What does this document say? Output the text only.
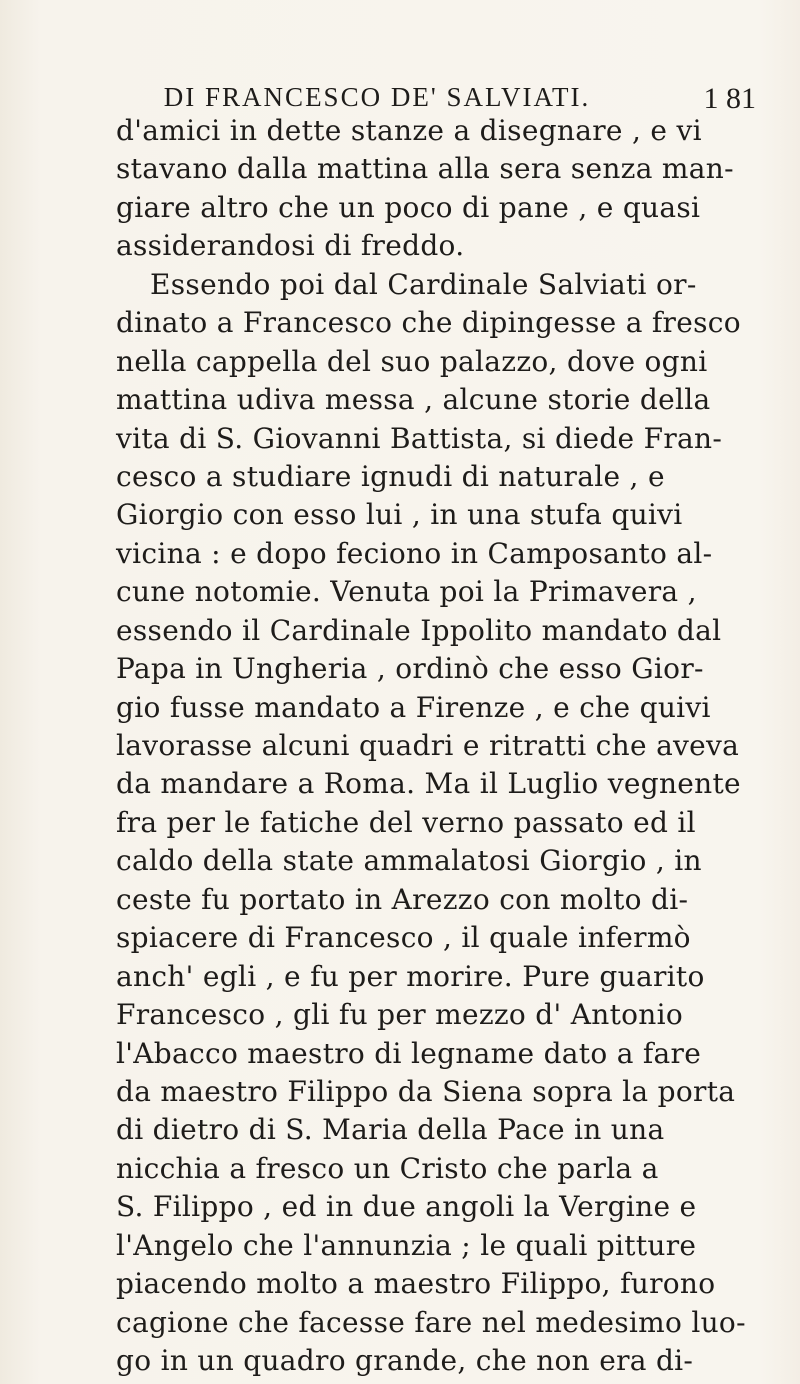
DI FRANCESCO DE' SALVIATI.	1 81
d'amici in dette stanze a disegnare , e vi
stavano dalla mattina alla sera senza man-
giare altro che un poco di pane , e quasi
assiderandosi di freddo.
Essendo poi dal Cardinale Salviati or-
dinato a Francesco che dipingesse a fresco
nella cappella del suo palazzo, dove ogni
mattina udiva messa , alcune storie della
vita di S. Giovanni Battista, si diede Fran-
cesco a studiare ignudi di naturale , e
Giorgio con esso lui , in una stufa quivi
vicina : e dopo feciono in Camposanto al-
cune notomie. Venuta poi la Primavera ,
essendo il Cardinale Ippolito mandato dal
Papa in Ungheria , ordinò che esso Gior-
gio fusse mandato a Firenze , e che quivi
lavorasse alcuni quadri e ritratti che aveva
da mandare a Roma. Ma il Luglio vegnente
fra per le fatiche del verno passato ed il
caldo della state ammalatosi Giorgio , in
ceste fu portato in Arezzo con molto di-
spiacere di Francesco , il quale infermò
anch' egli , e fu per morire. Pure guarito
Francesco , gli fu per mezzo d' Antonio
l'Abacco maestro di legname dato a fare
da maestro Filippo da Siena sopra la porta
di dietro di S. Maria della Pace in una
nicchia a fresco un Cristo che parla a
S. Filippo , ed in due angoli la Vergine e
l'Angelo che l'annunzia ; le quali pitture
piacendo molto a maestro Filippo, furono
cagione che facesse fare nel medesimo luo-
go in un quadro grande, che non era di-
